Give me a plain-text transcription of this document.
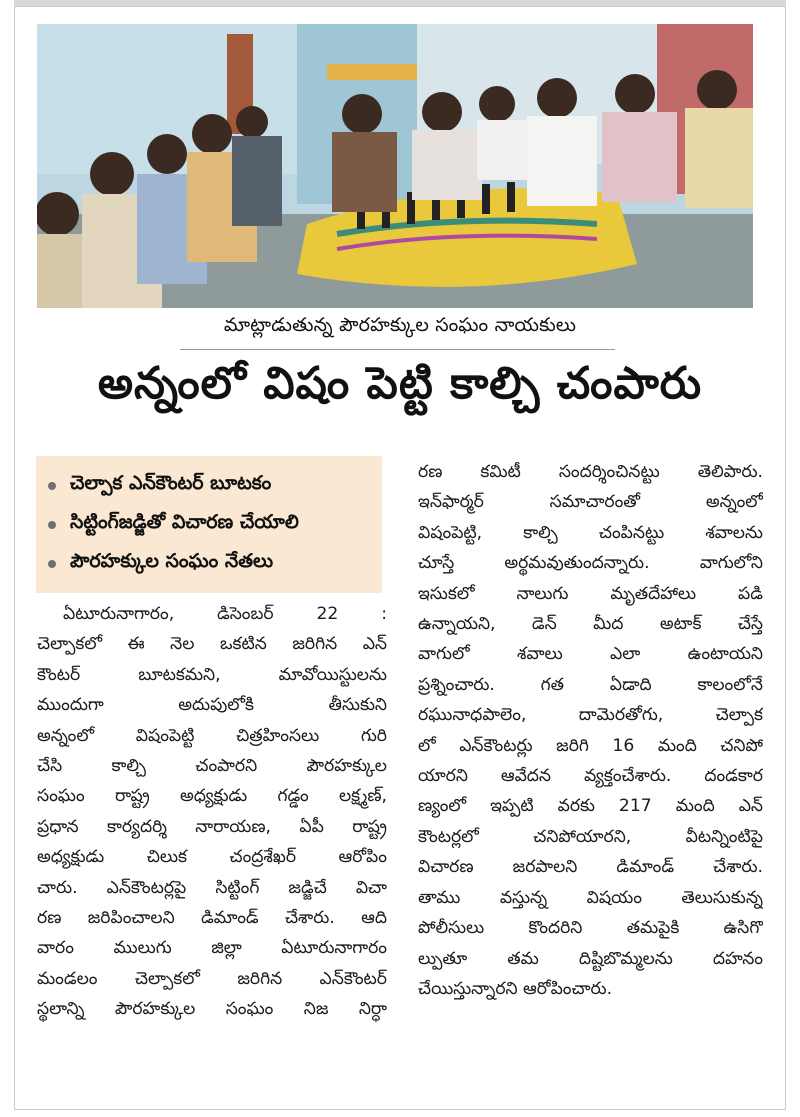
మాట్లాడుతున్న పౌరహక్కుల సంఘం నాయకులు
అన్నంలో విషం పెట్టి కాల్చి చంపారు
చెల్పాక ఎన్‌కౌంటర్ బూటకం
సిట్టింగ్‌జడ్జితో విచారణ చేయాలి
పౌరహక్కుల సంఘం నేతలు
ఏటూరునాగారం, డిసెంబర్ 22 :
చెల్పాకలో ఈ నెల ఒకటిన జరిగిన ఎన్
కౌంటర్ బూటకమని, మావోయిస్టులను
ముందుగా అదుపులోకి తీసుకుని
అన్నంలో విషంపెట్టి చిత్రహింసలు గురి
చేసి కాల్చి చంపారని పౌరహక్కుల
సంఘం రాష్ట్ర అధ్యక్షుడు గడ్డం లక్ష్మణ్,
ప్రధాన కార్యదర్శి నారాయణ, ఏపీ రాష్ట్ర
అధ్యక్షుడు చిలుక చంద్రశేఖర్ ఆరోపిం
చారు. ఎన్‌కౌంటర్లపై సిట్టింగ్ జడ్జిచే విచా
రణ జరిపించాలని డిమాండ్ చేశారు. ఆది
వారం ములుగు జిల్లా ఏటూరునాగారం
మండలం చెల్పాకలో జరిగిన ఎన్‌కౌంటర్
స్థలాన్ని పౌరహక్కుల సంఘం నిజ నిర్ధా
రణ కమిటీ సందర్శించినట్టు తెలిపారు.
ఇన్‌ఫార్మర్ సమాచారంతో అన్నంలో
విషంపెట్టి, కాల్చి చంపినట్టు శవాలను
చూస్తే అర్థమవుతుందన్నారు. వాగులోని
ఇసుకలో నాలుగు మృతదేహాలు పడి
ఉన్నాయని, డెన్ మీద అటాక్ చేస్తే
వాగులో శవాలు ఎలా ఉంటాయని
ప్రశ్నించారు. గత ఏడాది కాలంలోనే
రఘునాధపాలెం, దామెరతోగు, చెల్పాక
లో ఎన్‌కౌంటర్లు జరిగి 16 మంది చనిపో
యారని ఆవేదన వ్యక్తంచేశారు. దండకార
ణ్యంలో ఇప్పటి వరకు 217 మంది ఎన్
కౌంటర్లలో చనిపోయారని, వీటన్నింటిపై
విచారణ జరపాలని డిమాండ్ చేశారు.
తాము వస్తున్న విషయం తెలుసుకున్న
పోలీసులు కొందరిని తమపైకి ఉసిగొ
ల్పుతూ తమ దిష్టిబొమ్మలను దహనం
చేయిస్తున్నారని ఆరోపించారు.
